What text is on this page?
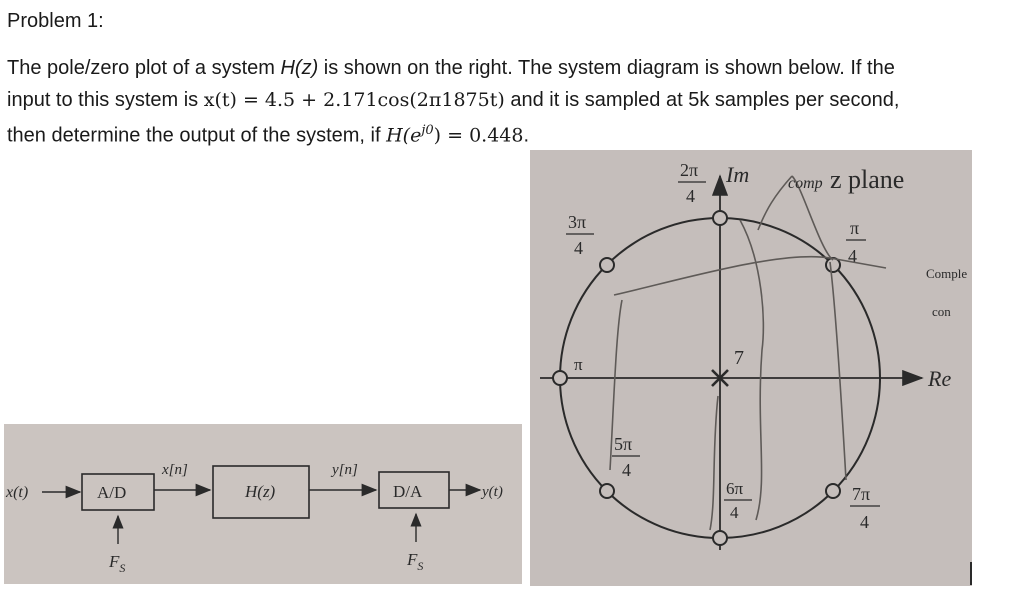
Problem 1:
The pole/zero plot of a system H(z) is shown on the right. The system diagram is shown below. If the
input to this system is x(t) = 4.5 + 2.171cos(2π1875t) and it is sampled at 5k samples per second,
then determine the output of the system, if $H(e^{j0}) = 0.448$.
x(t)	A/D
$F_S$
x[n]
H(z)
y[n]
D/A
$F_S$
y(t)
Re
Im	z plane
7
2π
4
3π
4
π
4
π
5π
4
6π
4
7π
4
comp
Comple
con
